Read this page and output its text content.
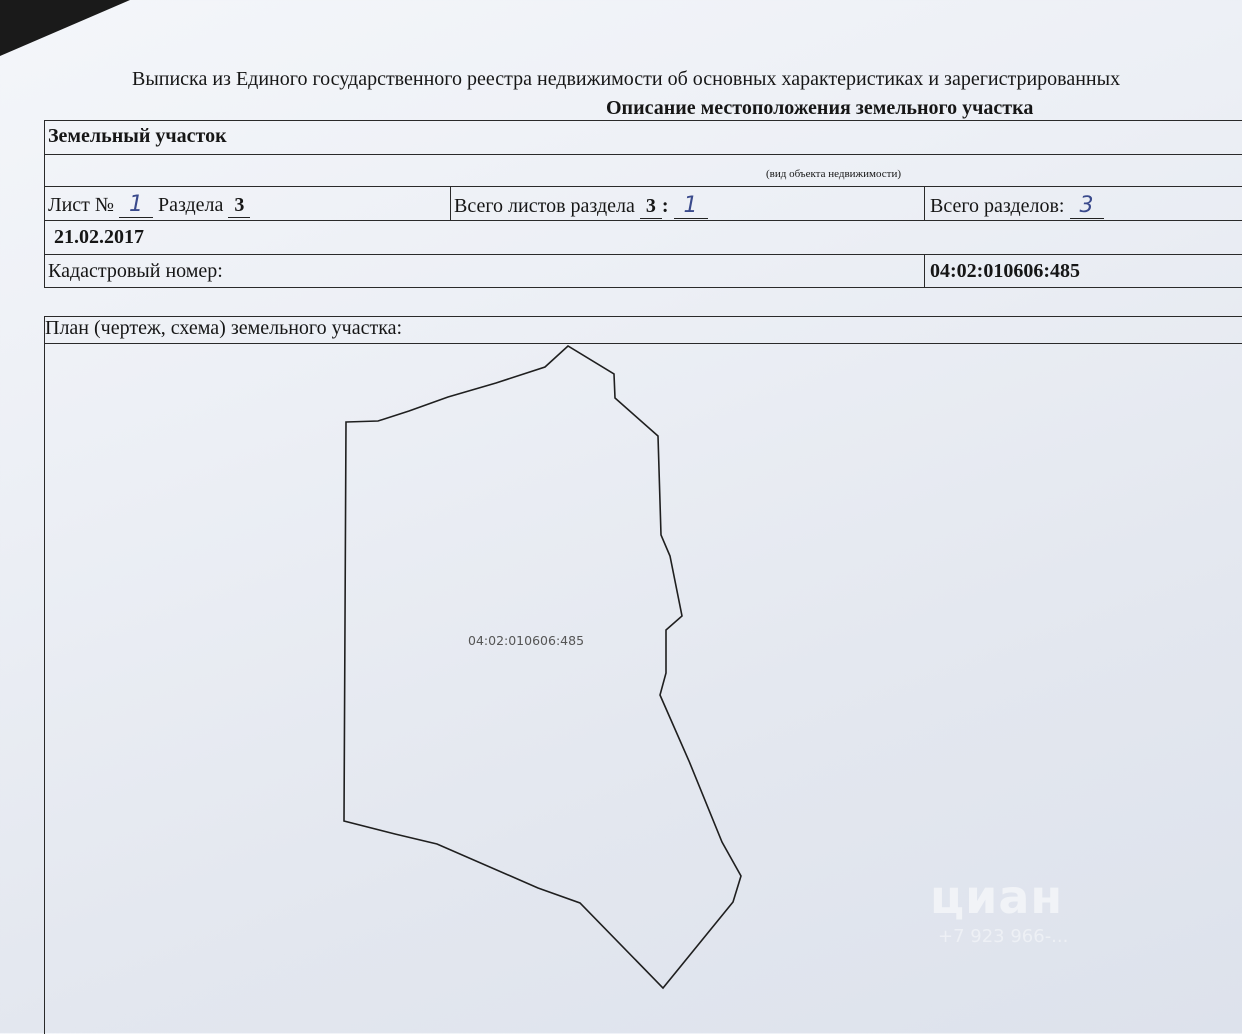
Выписка из Единого государственного реестра недвижимости об основных характеристиках и зарегистрированных
Описание местоположения земельного участка
Земельный участок
(вид объекта недвижимости)
Лист № 1 Раздела 3	Всего листов раздела 3 : 1	Всего разделов: 3
21.02.2017
Кадастровый номер:	04:02:010606:485
План (чертеж, схема) земельного участка:
04:02:010606:485
циан
+7 923 966-...
